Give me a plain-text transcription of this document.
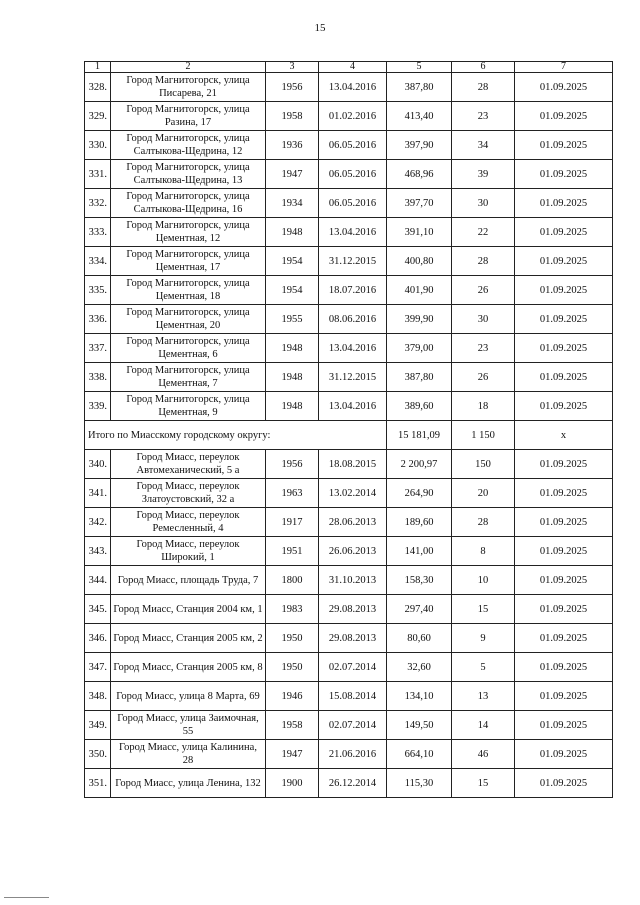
15
1	2	3	4	5	6	7
328.	Город Магнитогорск, улица Писарева, 21	1956	13.04.2016	387,80	28	01.09.2025
329.	Город Магнитогорск, улица Разина, 17	1958	01.02.2016	413,40	23	01.09.2025
330.	Город Магнитогорск, улица Салтыкова-Щедрина, 12	1936	06.05.2016	397,90	34	01.09.2025
331.	Город Магнитогорск, улица Салтыкова-Щедрина, 13	1947	06.05.2016	468,96	39	01.09.2025
332.	Город Магнитогорск, улица Салтыкова-Щедрина, 16	1934	06.05.2016	397,70	30	01.09.2025
333.	Город Магнитогорск, улица Цементная, 12	1948	13.04.2016	391,10	22	01.09.2025
334.	Город Магнитогорск, улица Цементная, 17	1954	31.12.2015	400,80	28	01.09.2025
335.	Город Магнитогорск, улица Цементная, 18	1954	18.07.2016	401,90	26	01.09.2025
336.	Город Магнитогорск, улица Цементная, 20	1955	08.06.2016	399,90	30	01.09.2025
337.	Город Магнитогорск, улица Цементная, 6	1948	13.04.2016	379,00	23	01.09.2025
338.	Город Магнитогорск, улица Цементная, 7	1948	31.12.2015	387,80	26	01.09.2025
339.	Город Магнитогорск, улица Цементная, 9	1948	13.04.2016	389,60	18	01.09.2025
Итого по Миасскому городскому округу:				15 181,09	1 150	x
340.	Город Миасс, переулок Автомеханический, 5 а	1956	18.08.2015	2 200,97	150	01.09.2025
341.	Город Миасс, переулок Златоустовский, 32 а	1963	13.02.2014	264,90	20	01.09.2025
342.	Город Миасс, переулок Ремесленный, 4	1917	28.06.2013	189,60	28	01.09.2025
343.	Город Миасс, переулок Широкий, 1	1951	26.06.2013	141,00	8	01.09.2025
344.	Город Миасс, площадь Труда, 7	1800	31.10.2013	158,30	10	01.09.2025
345.	Город Миасс, Станция 2004 км, 1	1983	29.08.2013	297,40	15	01.09.2025
346.	Город Миасс, Станция 2005 км, 2	1950	29.08.2013	80,60	9	01.09.2025
347.	Город Миасс, Станция 2005 км, 8	1950	02.07.2014	32,60	5	01.09.2025
348.	Город Миасс, улица 8 Марта, 69	1946	15.08.2014	134,10	13	01.09.2025
349.	Город Миасс, улица Заимочная, 55	1958	02.07.2014	149,50	14	01.09.2025
350.	Город Миасс, улица Калинина, 28	1947	21.06.2016	664,10	46	01.09.2025
351.	Город Миасс, улица Ленина, 132	1900	26.12.2014	115,30	15	01.09.2025
